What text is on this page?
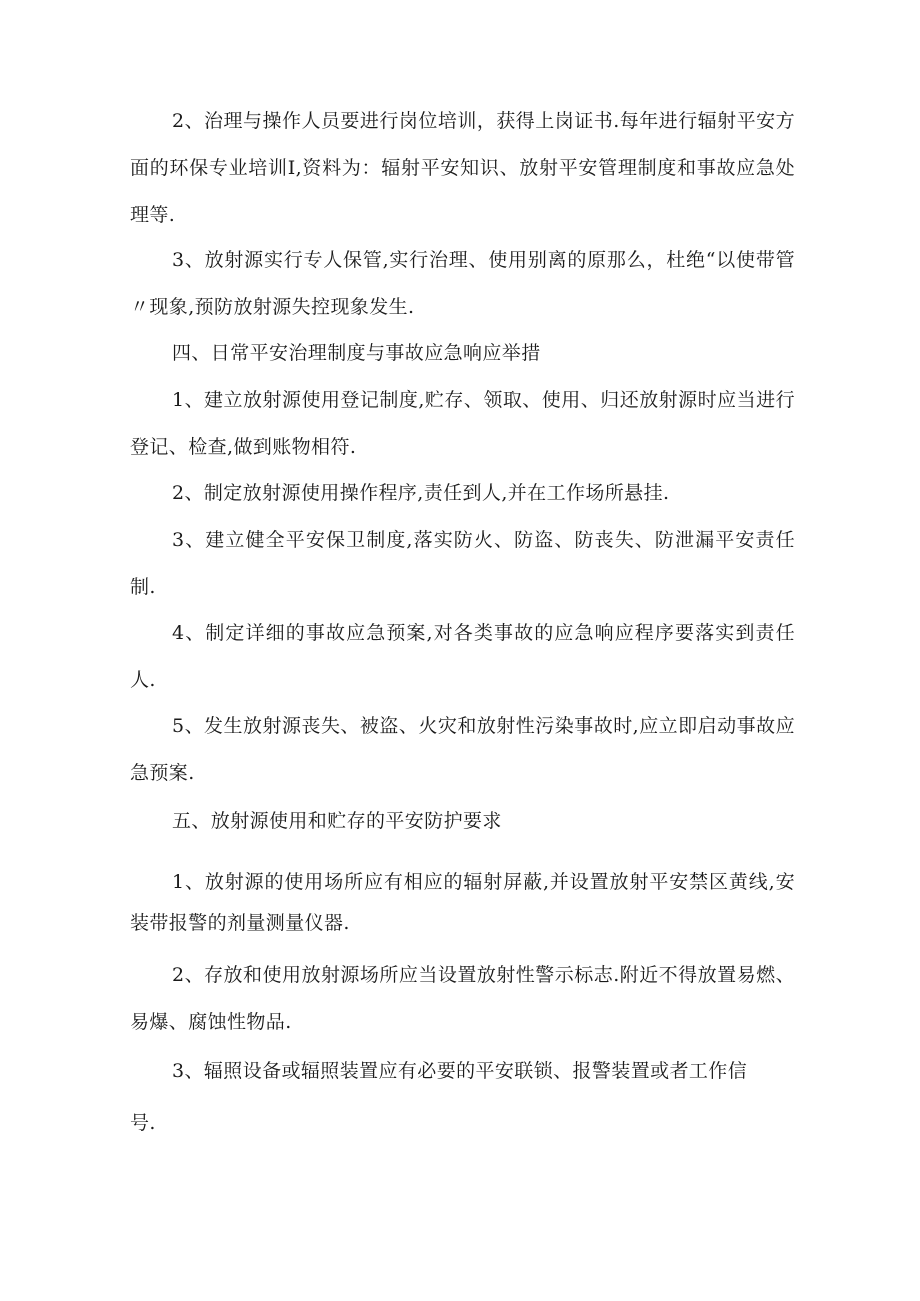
2、治理与操作人员要进行岗位培训，获得上岗证书.每年进行辐射平安方面的环保专业培训I,资料为：辐射平安知识、放射平安管理制度和事故应急处理等.

3、放射源实行专人保管,实行治理、使用别离的原那么，杜绝“以使带管〃现象,预防放射源失控现象发生.

四、日常平安治理制度与事故应急响应举措

1、建立放射源使用登记制度,贮存、领取、使用、归还放射源时应当进行登记、检查,做到账物相符.

2、制定放射源使用操作程序,责任到人,并在工作场所悬挂.

3、建立健全平安保卫制度,落实防火、防盗、防丧失、防泄漏平安责任制.

4、制定详细的事故应急预案,对各类事故的应急响应程序要落实到责任人.

5、发生放射源丧失、被盗、火灾和放射性污染事故时,应立即启动事故应急预案.

五、放射源使用和贮存的平安防护要求

1、放射源的使用场所应有相应的辐射屏蔽,并设置放射平安禁区黄线,安装带报警的剂量测量仪器.

2、存放和使用放射源场所应当设置放射性警示标志.附近不得放置易燃、易爆、腐蚀性物品.

3、辐照设备或辐照装置应有必要的平安联锁、报警装置或者工作信

号.
